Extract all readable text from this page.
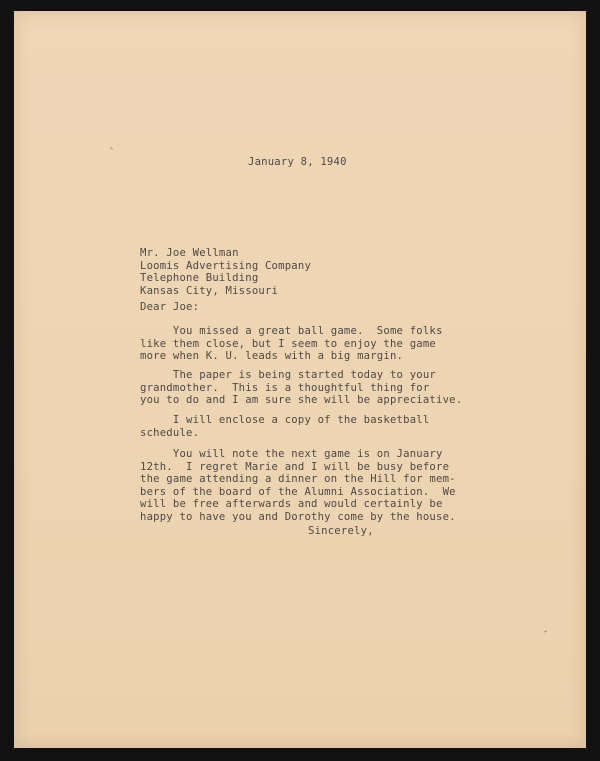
January 8, 1940
Mr. Joe Wellman
Loomis Advertising Company
Telephone Building
Kansas City, Missouri
Dear Joe:
You missed a great ball game.  Some folks
like them close, but I seem to enjoy the game
more when K. U. leads with a big margin.
The paper is being started today to your
grandmother.  This is a thoughtful thing for
you to do and I am sure she will be appreciative.
I will enclose a copy of the basketball
schedule.
You will note the next game is on January
12th.  I regret Marie and I will be busy before
the game attending a dinner on the Hill for mem-
bers of the board of the Alumni Association.  We
will be free afterwards and would certainly be
happy to have you and Dorothy come by the house.
Sincerely,
